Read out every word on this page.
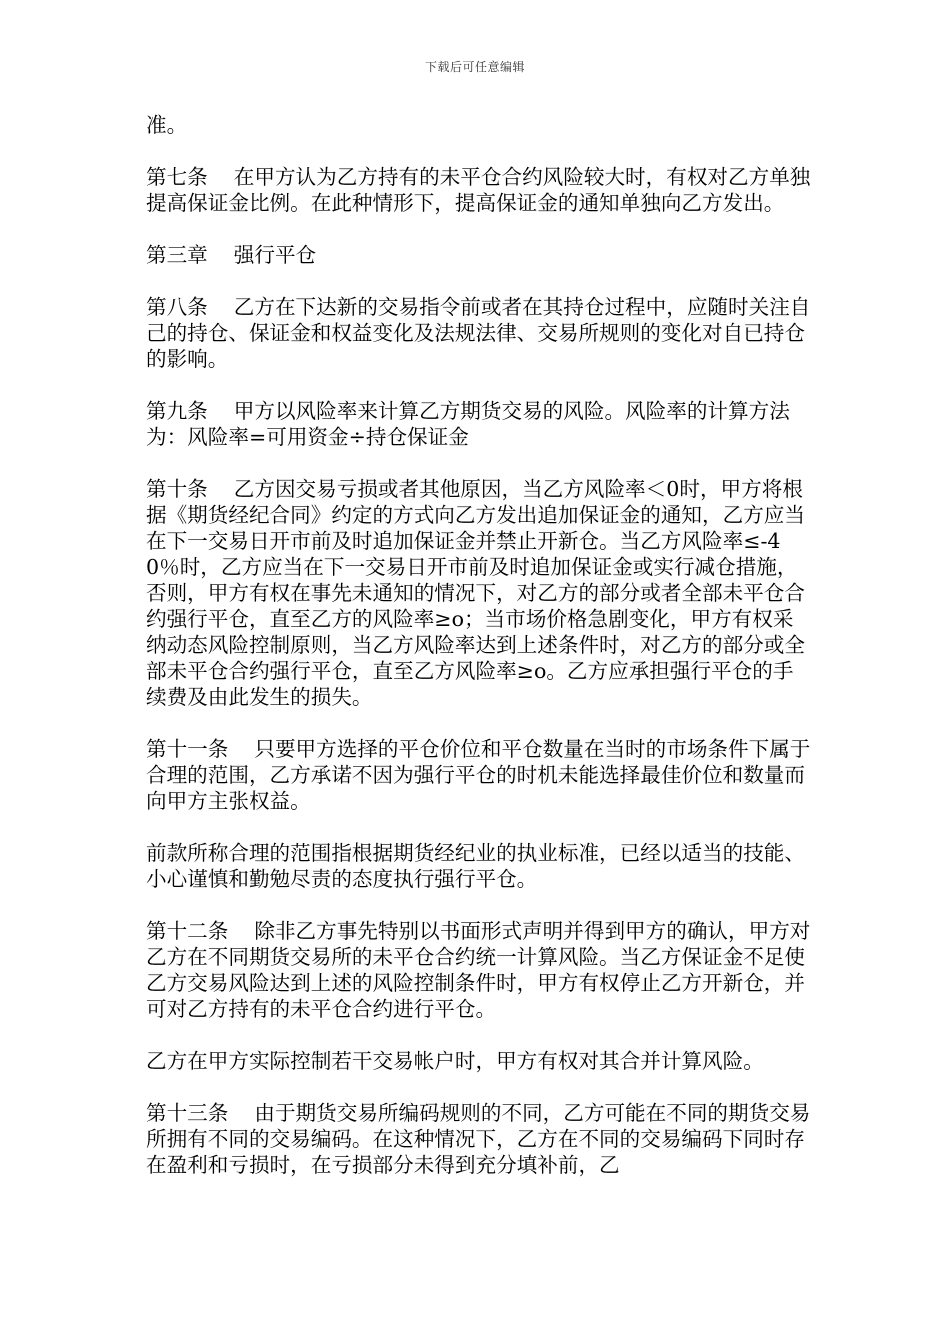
下载后可任意编辑

准。

第七条 在甲方认为乙方持有的未平仓合约风险较大时，有权对乙方单独提高保证金比例。在此种情形下，提高保证金的通知单独向乙方发出。

第三章 强行平仓

第八条 乙方在下达新的交易指令前或者在其持仓过程中，应随时关注自己的持仓、保证金和权益变化及法规法律、交易所规则的变化对自已持仓的影响。

第九条 甲方以风险率来计算乙方期货交易的风险。风险率的计算方法为：风险率=可用资金÷持仓保证金

第十条 乙方因交易亏损或者其他原因，当乙方风险率＜0时，甲方将根据《期货经纪合同》约定的方式向乙方发出追加保证金的通知，乙方应当在下一交易日开市前及时追加保证金并禁止开新仓。当乙方风险率≤-40％时，乙方应当在下一交易日开市前及时追加保证金或实行减仓措施，否则，甲方有权在事先未通知的情况下，对乙方的部分或者全部未平仓合约强行平仓，直至乙方的风险率≥o；当市场价格急剧变化，甲方有权采纳动态风险控制原则，当乙方风险率达到上述条件时，对乙方的部分或全部未平仓合约强行平仓，直至乙方风险率≥o。乙方应承担强行平仓的手续费及由此发生的损失。

第十一条 只要甲方选择的平仓价位和平仓数量在当时的市场条件下属于合理的范围，乙方承诺不因为强行平仓的时机未能选择最佳价位和数量而向甲方主张权益。

前款所称合理的范围指根据期货经纪业的执业标准，已经以适当的技能、小心谨慎和勤勉尽责的态度执行强行平仓。

第十二条 除非乙方事先特别以书面形式声明并得到甲方的确认，甲方对乙方在不同期货交易所的未平仓合约统一计算风险。当乙方保证金不足使乙方交易风险达到上述的风险控制条件时，甲方有权停止乙方开新仓，并可对乙方持有的未平仓合约进行平仓。

乙方在甲方实际控制若干交易帐户时，甲方有权对其合并计算风险。

第十三条 由于期货交易所编码规则的不同，乙方可能在不同的期货交易所拥有不同的交易编码。在这种情况下，乙方在不同的交易编码下同时存在盈利和亏损时，在亏损部分未得到充分填补前，乙
